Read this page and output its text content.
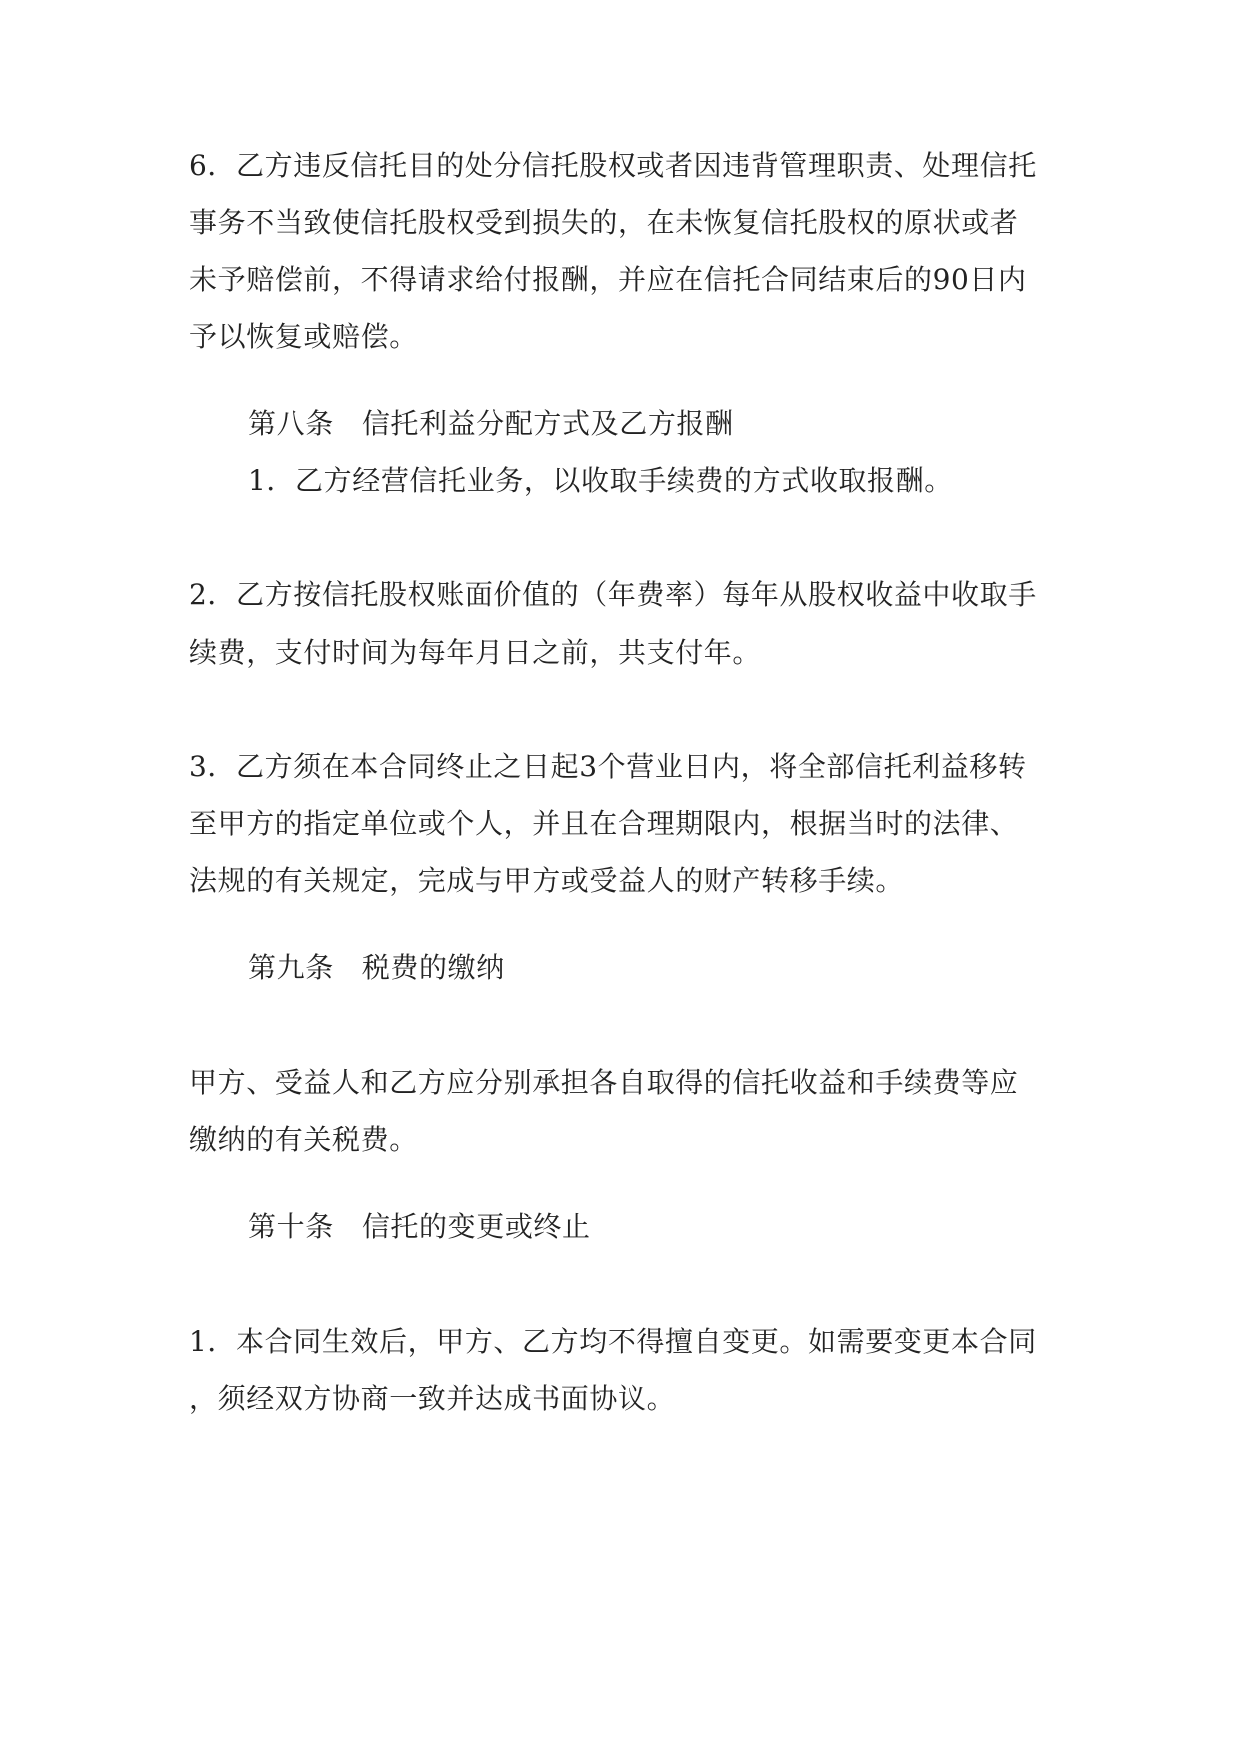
6．乙方违反信托目的处分信托股权或者因违背管理职责、处理信托
事务不当致使信托股权受到损失的，在未恢复信托股权的原状或者
未予赔偿前，不得请求给付报酬，并应在信托合同结束后的90日内
予以恢复或赔偿。
第八条 信托利益分配方式及乙方报酬
1．乙方经营信托业务，以收取手续费的方式收取报酬。
2．乙方按信托股权账面价值的（年费率）每年从股权收益中收取手
续费，支付时间为每年月日之前，共支付年。
3．乙方须在本合同终止之日起3个营业日内，将全部信托利益移转
至甲方的指定单位或个人，并且在合理期限内，根据当时的法律、
法规的有关规定，完成与甲方或受益人的财产转移手续。
第九条 税费的缴纳
甲方、受益人和乙方应分别承担各自取得的信托收益和手续费等应
缴纳的有关税费。
第十条 信托的变更或终止
1．本合同生效后，甲方、乙方均不得擅自变更。如需要变更本合同
，须经双方协商一致并达成书面协议。
